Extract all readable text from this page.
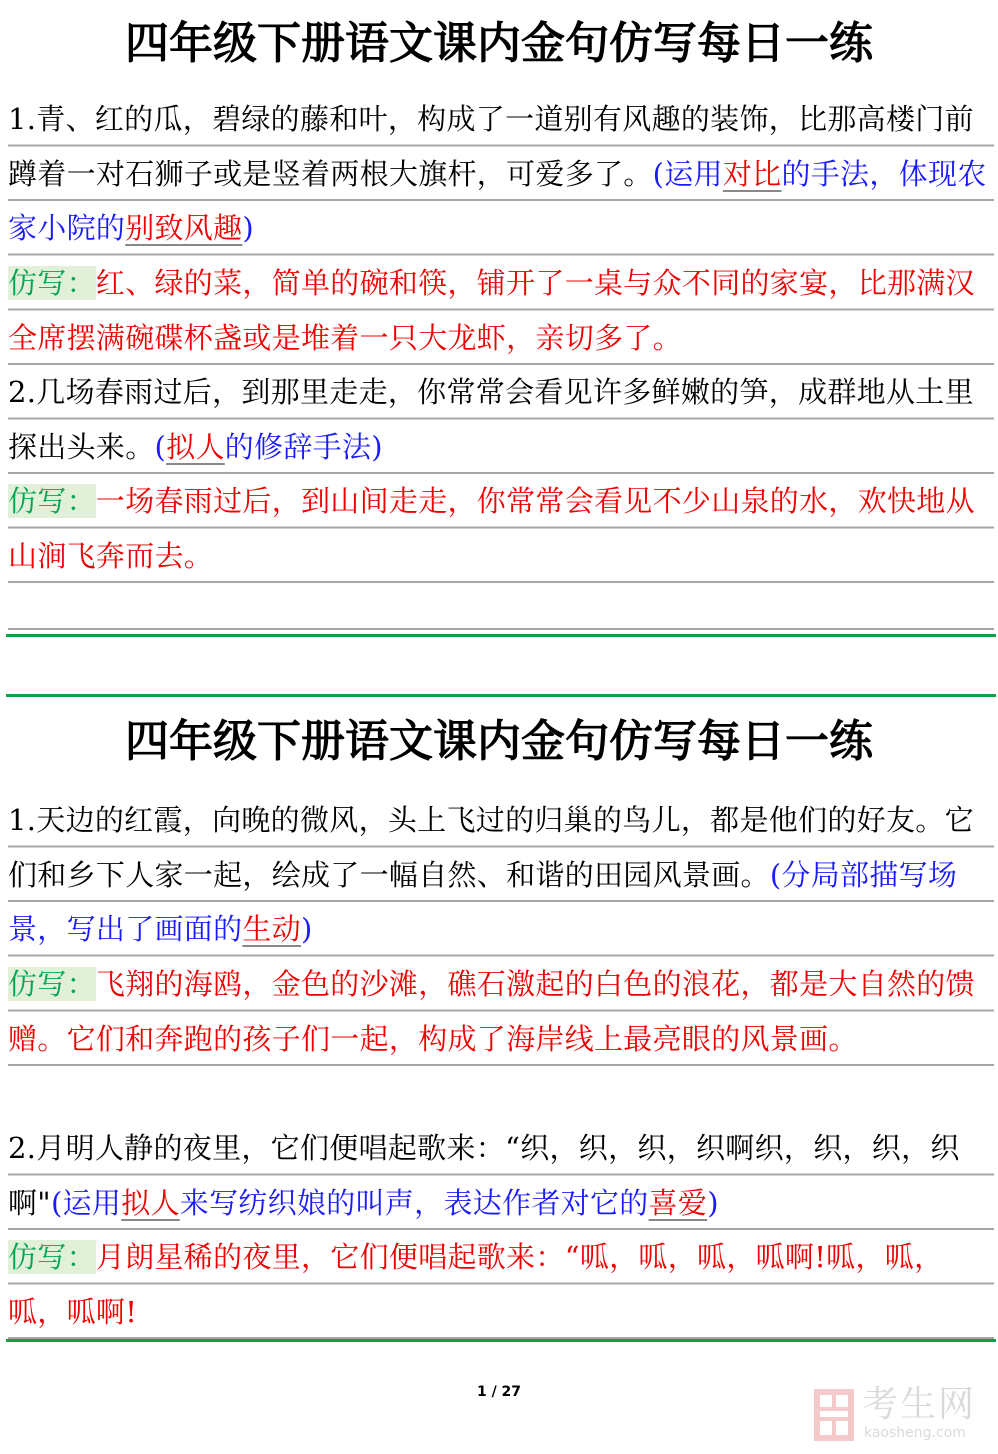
四年级下册语文课内金句仿写每日一练
1.青、红的瓜，碧绿的藤和叶，构成了一道别有风趣的装饰，比那高楼门前蹲着一对石狮子或是竖着两根大旗杆，可爱多了。(运用对比的手法，体现农家小院的别致风趣)
仿写：红、绿的菜，简单的碗和筷，铺开了一桌与众不同的家宴，比那满汉全席摆满碗碟杯盏或是堆着一只大龙虾，亲切多了。
2.几场春雨过后，到那里走走，你常常会看见许多鲜嫩的笋，成群地从土里探出头来。(拟人的修辞手法)
仿写：一场春雨过后，到山间走走，你常常会看见不少山泉的水，欢快地从山涧飞奔而去。
四年级下册语文课内金句仿写每日一练
1.天边的红霞，向晚的微风，头上飞过的归巢的鸟儿，都是他们的好友。它们和乡下人家一起，绘成了一幅自然、和谐的田园风景画。(分局部描写场景，写出了画面的生动)
仿写：飞翔的海鸥，金色的沙滩，礁石激起的白色的浪花，都是大自然的馈赠。它们和奔跑的孩子们一起，构成了海岸线上最亮眼的风景画。
2.月明人静的夜里，它们便唱起歌来：“织，织，织，织啊织，织，织，织啊"(运用拟人来写纺织娘的叫声，表达作者对它的喜爱)
仿写：月朗星稀的夜里，它们便唱起歌来：“呱，呱，呱，呱啊!呱，呱，呱，呱啊!
1 / 27	考生网
kaosheng.com
